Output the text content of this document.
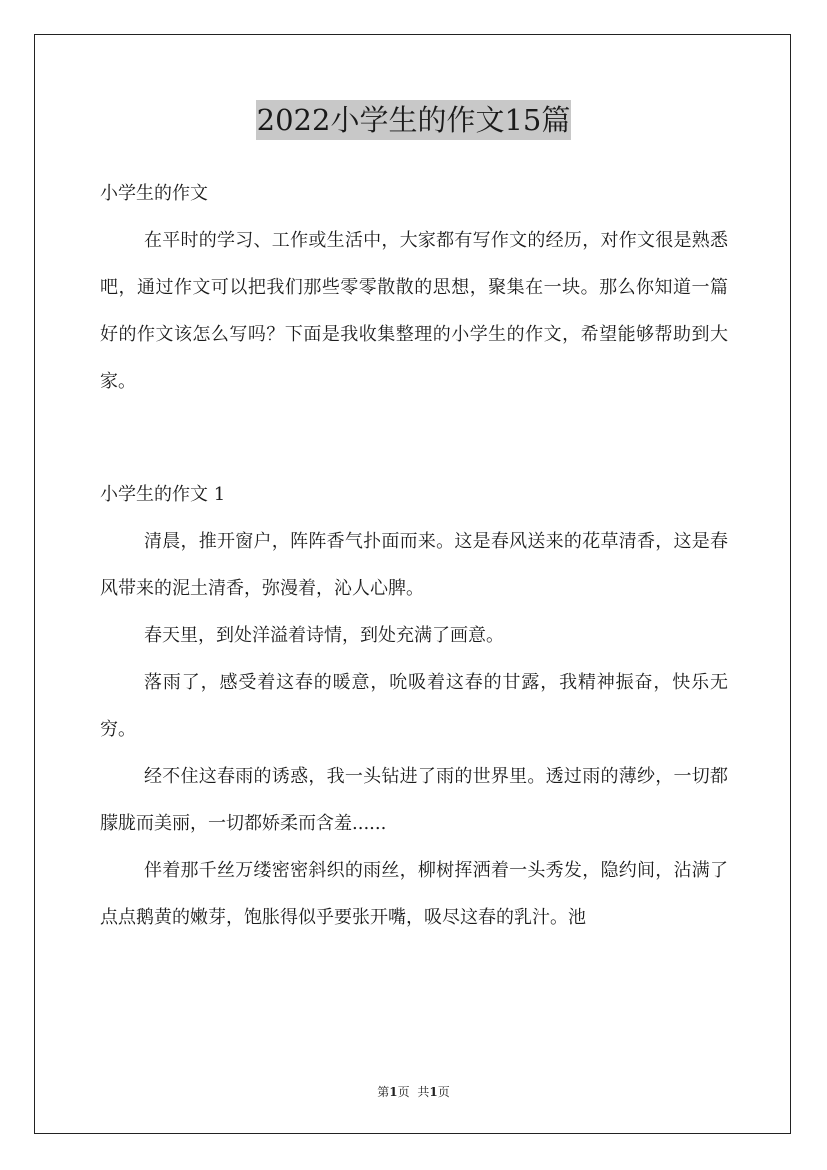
2022小学生的作文15篇

小学生的作文

在平时的学习、工作或生活中，大家都有写作文的经历，对作文很是熟悉吧，通过作文可以把我们那些零零散散的思想，聚集在一块。那么你知道一篇好的作文该怎么写吗？下面是我收集整理的小学生的作文，希望能够帮助到大家。

小学生的作文 1

清晨，推开窗户，阵阵香气扑面而来。这是春风送来的花草清香，这是春风带来的泥土清香，弥漫着，沁人心脾。

春天里，到处洋溢着诗情，到处充满了画意。

落雨了，感受着这春的暖意，吮吸着这春的甘露，我精神振奋，快乐无穷。

经不住这春雨的诱惑，我一头钻进了雨的世界里。透过雨的薄纱，一切都朦胧而美丽，一切都娇柔而含羞......

伴着那千丝万缕密密斜织的雨丝，柳树挥洒着一头秀发，隐约间，沾满了点点鹅黄的嫩芽，饱胀得似乎要张开嘴，吸尽这春的乳汁。池

第1页 共1页
